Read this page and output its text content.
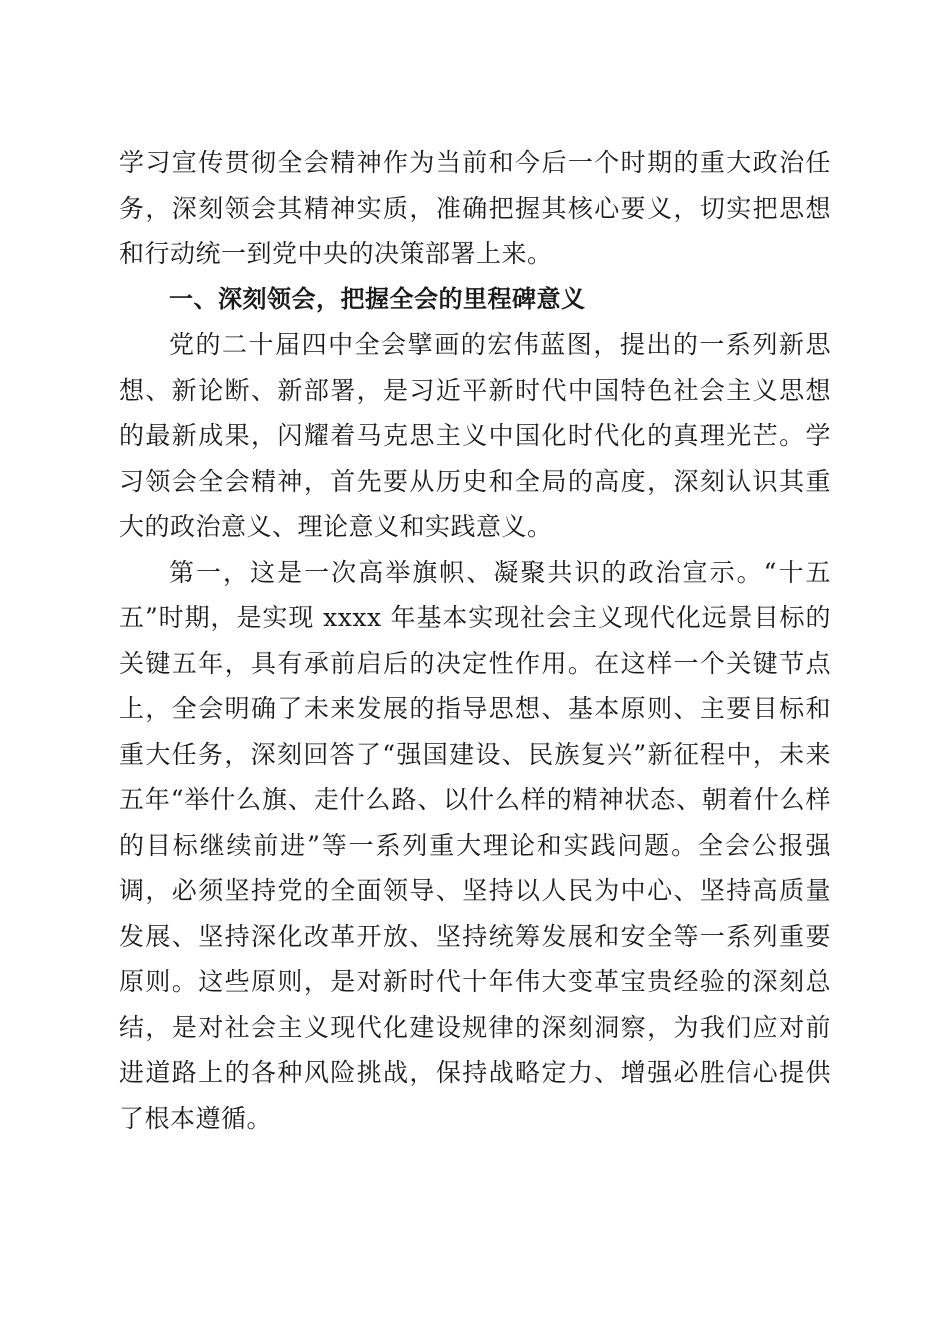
学习宣传贯彻全会精神作为当前和今后一个时期的重大政治任务，深刻领会其精神实质，准确把握其核心要义，切实把思想和行动统一到党中央的决策部署上来。

一、深刻领会，把握全会的里程碑意义

党的二十届四中全会擘画的宏伟蓝图，提出的一系列新思想、新论断、新部署，是习近平新时代中国特色社会主义思想的最新成果，闪耀着马克思主义中国化时代化的真理光芒。学习领会全会精神，首先要从历史和全局的高度，深刻认识其重大的政治意义、理论意义和实践意义。

第一，这是一次高举旗帜、凝聚共识的政治宣示。“十五五”时期，是实现 xxxx 年基本实现社会主义现代化远景目标的关键五年，具有承前启后的决定性作用。在这样一个关键节点上，全会明确了未来发展的指导思想、基本原则、主要目标和重大任务，深刻回答了“强国建设、民族复兴”新征程中，未来五年“举什么旗、走什么路、以什么样的精神状态、朝着什么样的目标继续前进”等一系列重大理论和实践问题。全会公报强调，必须坚持党的全面领导、坚持以人民为中心、坚持高质量发展、坚持深化改革开放、坚持统筹发展和安全等一系列重要原则。这些原则，是对新时代十年伟大变革宝贵经验的深刻总结，是对社会主义现代化建设规律的深刻洞察，为我们应对前进道路上的各种风险挑战，保持战略定力、增强必胜信心提供了根本遵循。
